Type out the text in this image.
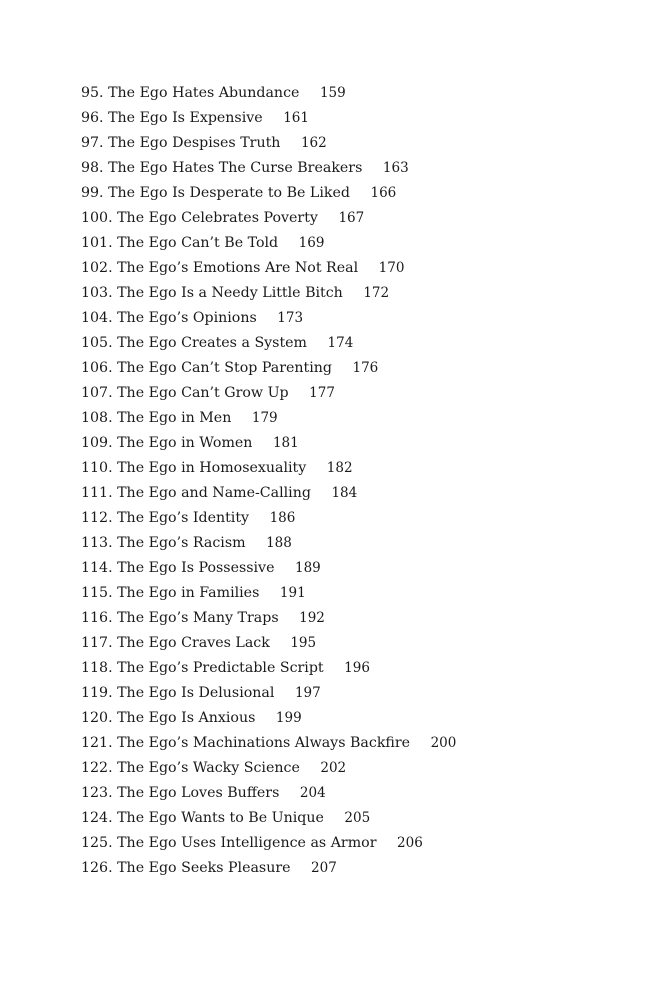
95. The Ego Hates Abundance 159
96. The Ego Is Expensive 161
97. The Ego Despises Truth 162
98. The Ego Hates The Curse Breakers 163
99. The Ego Is Desperate to Be Liked 166
100. The Ego Celebrates Poverty 167
101. The Ego Can’t Be Told 169
102. The Ego’s Emotions Are Not Real 170
103. The Ego Is a Needy Little Bitch 172
104. The Ego’s Opinions 173
105. The Ego Creates a System 174
106. The Ego Can’t Stop Parenting 176
107. The Ego Can’t Grow Up 177
108. The Ego in Men 179
109. The Ego in Women 181
110. The Ego in Homosexuality 182
111. The Ego and Name-Calling 184
112. The Ego’s Identity 186
113. The Ego’s Racism 188
114. The Ego Is Possessive 189
115. The Ego in Families 191
116. The Ego’s Many Traps 192
117. The Ego Craves Lack 195
118. The Ego’s Predictable Script 196
119. The Ego Is Delusional 197
120. The Ego Is Anxious 199
121. The Ego’s Machinations Always Backfire 200
122. The Ego’s Wacky Science 202
123. The Ego Loves Buffers 204
124. The Ego Wants to Be Unique 205
125. The Ego Uses Intelligence as Armor 206
126. The Ego Seeks Pleasure 207
